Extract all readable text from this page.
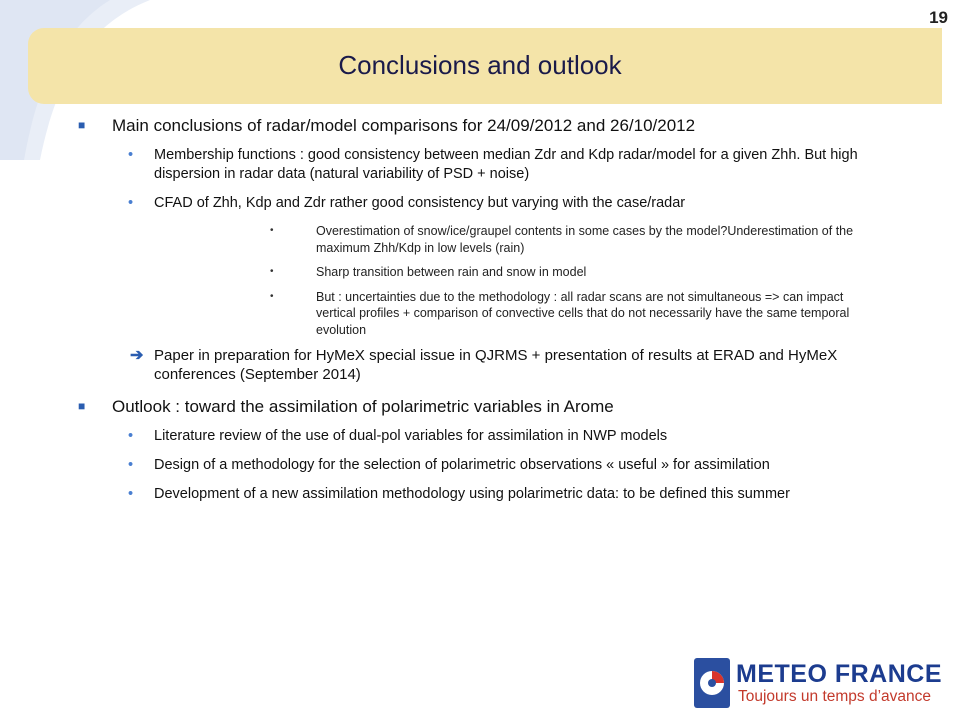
19
Conclusions and outlook
■ Main conclusions of radar/model comparisons for 24/09/2012 and 26/10/2012
• Membership functions : good consistency between median Zdr and Kdp radar/model for a given Zhh. But high dispersion in radar data (natural variability of PSD + noise)
• CFAD of Zhh, Kdp and Zdr rather good consistency but varying with the case/radar
•	Overestimation of snow/ice/graupel contents in some cases by the model?Underestimation of the maximum Zhh/Kdp in low levels (rain)
•	Sharp transition between rain and snow in model
•	But : uncertainties due to the methodology : all radar scans are not simultaneous => can impact vertical profiles + comparison of convective cells that do not necessarily have the same temporal evolution
➔ Paper in preparation for HyMeX special issue in QJRMS + presentation of results at ERAD and HyMeX conferences (September 2014)
■ Outlook : toward the assimilation of polarimetric variables in Arome
• Literature review of the use of dual-pol variables for assimilation in NWP models
• Design of a methodology for the selection of polarimetric observations « useful » for assimilation
• Development of a new assimilation methodology using polarimetric data: to be defined this summer
METEO FRANCE
Toujours un temps d’avance
